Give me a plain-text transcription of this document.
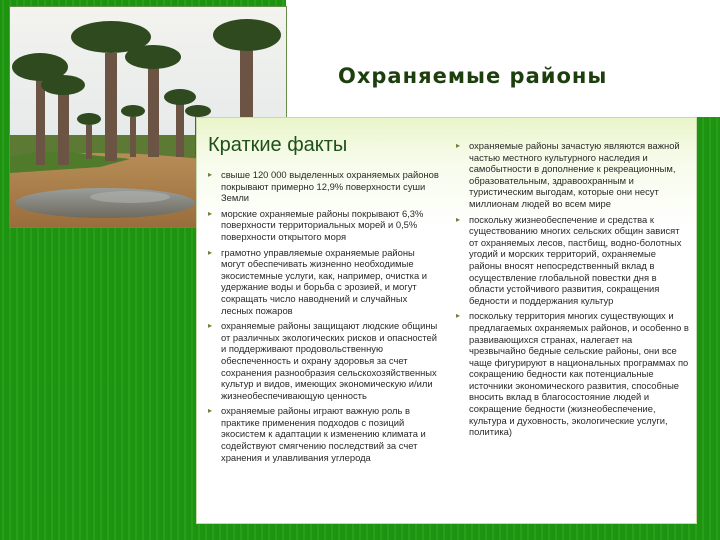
Охраняемые районы
Краткие факты
▸ свыше 120 000 выделенных охраняемых районов покрывают примерно 12,9% поверхности суши Земли
▸ морские охраняемые районы покрывают 6,3% поверхности территориальных морей и 0,5% поверхности открытого моря
▸ грамотно управляемые охраняемые районы могут обеспечивать жизненно необходимые экосистемные услуги, как, например, очистка и удержание воды и борьба с эрозией, и могут сокращать число наводнений и случайных лесных пожаров
▸ охраняемые районы защищают людские общины от различных экологических рисков и опасностей и поддерживают продовольственную обеспеченность и охрану здоровья за счет сохранения разнообразия сельскохозяйственных культур и видов, имеющих экономическую и/или жизнеобеспечивающую ценность
▸ охраняемые районы играют важную роль в практике применения подходов с позиций экосистем к адаптации к изменению климата и содействуют смягчению последствий за счет хранения и улавливания углерода
▸ охраняемые районы зачастую являются важной частью местного культурного наследия и самобытности в дополнение к рекреационным, образовательным, здравоохранным и туристическим выгодам, которые они несут миллионам людей во всем мире
▸ поскольку жизнеобеспечение и средства к существованию многих сельских общин зависят от охраняемых лесов, пастбищ, водно-болотных угодий и морских территорий, охраняемые районы вносят непосредственный вклад в осуществление глобальной повестки дня в области устойчивого развития, сокращения бедности и поддержания культур
▸ поскольку территория многих существующих и предлагаемых охраняемых районов, и особенно в развивающихся странах, налегает на чрезвычайно бедные сельские районы, они все чаще фигурируют в национальных программах по сокращению бедности как потенциальные источники экономического развития, способные вносить вклад в благосостояние людей и сокращение бедности (жизнеобеспечение, культура и духовность, экологические услуги, политика)
